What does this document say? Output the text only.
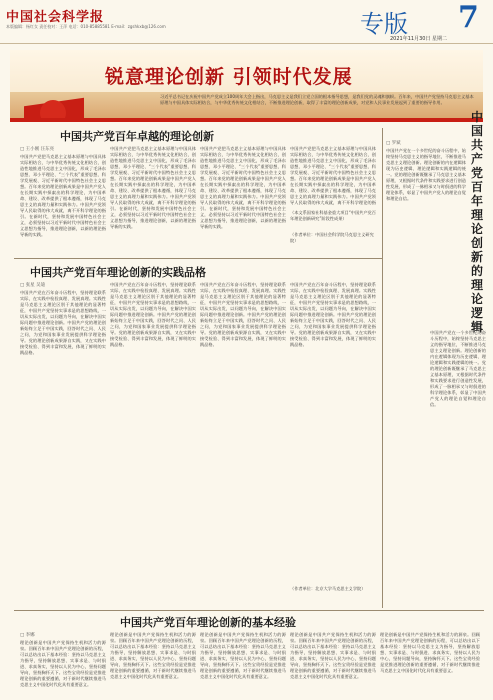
中国社会科学报
本版编辑：杨红女 责任校对：王萍 电话：010-85885581 E-mail：zgshkxb@126.com	专版 7
2021年11月30日 星期二
锐意理论创新 引领时代发展
习近平总书记在庆祝中国共产党成立100周年大会上指出，马克思主义是我们立党立国的根本指导思想，是我们党的灵魂和旗帜。百年来，中国共产党坚持马克思主义基本原理与中国具体实际相结合，与中华优秀传统文化相结合，不断推进理论创新，取得了丰富的理论创新成果，对党和人民事业发展起到了重要的指导作用。
中国共产党百年卓越的理论创新
□ 王小刚 汪东亮
中国共产党把马克思主义基本原理与中国具体实际相结合，与中华优秀传统文化相结合，创造性地推进马克思主义中国化，形成了毛泽东思想、邓小平理论、“三个代表”重要思想、科学发展观、习近平新时代中国特色社会主义思想。百年来党的理论创新成果是中国共产党人在长期实践中探索出的科学理论，为中国革命、建设、改革提供了根本遵循，体现了马克思主义的真理力量和实践伟力。中国共产党领导人民取得的伟大成就，离不开科学理论的指引。在新时代，坚持和发展中国特色社会主义，必须坚持以习近平新时代中国特色社会主义思想为指导，推进理论创新，以新的理论指导新的实践。
中国共产党把马克思主义基本原理与中国具体实际相结合，与中华优秀传统文化相结合，创造性地推进马克思主义中国化，形成了毛泽东思想、邓小平理论、“三个代表”重要思想、科学发展观、习近平新时代中国特色社会主义思想。百年来党的理论创新成果是中国共产党人在长期实践中探索出的科学理论，为中国革命、建设、改革提供了根本遵循，体现了马克思主义的真理力量和实践伟力。中国共产党领导人民取得的伟大成就，离不开科学理论的指引。在新时代，坚持和发展中国特色社会主义，必须坚持以习近平新时代中国特色社会主义思想为指导，推进理论创新，以新的理论指导新的实践。
中国共产党把马克思主义基本原理与中国具体实际相结合，与中华优秀传统文化相结合，创造性地推进马克思主义中国化，形成了毛泽东思想、邓小平理论、“三个代表”重要思想、科学发展观、习近平新时代中国特色社会主义思想。百年来党的理论创新成果是中国共产党人在长期实践中探索出的科学理论，为中国革命、建设、改革提供了根本遵循，体现了马克思主义的真理力量和实践伟力。中国共产党领导人民取得的伟大成就，离不开科学理论的指引。在新时代，坚持和发展中国特色社会主义，必须坚持以习近平新时代中国特色社会主义思想为指导，推进理论创新，以新的理论指导新的实践。
中国共产党把马克思主义基本原理与中国具体实际相结合，与中华优秀传统文化相结合，创造性地推进马克思主义中国化，形成了毛泽东思想、邓小平理论、“三个代表”重要思想、科学发展观、习近平新时代中国特色社会主义思想。百年来党的理论创新成果是中国共产党人在长期实践中探索出的科学理论，为中国革命、建设、改革提供了根本遵循，体现了马克思主义的真理力量和实践伟力。中国共产党领导人民取得的伟大成就，离不开科学理论的指
（本文系国家社科基金重大项目“中国共产党百年理论创新研究”阶段性成果）
（作者单位：中国社会科学院马克思主义研究院）
中国共产党百年理论创新的实践品格
□ 张星 吴迪
中国共产党在百年奋斗历程中，坚持理论联系实际，在实践中检验真理、发展真理。实践性是马克思主义理论区别于其他理论的显著特征，中国共产党坚持实事求是的思想路线，一切从实际出发，以问题为导向，在解决中国实际问题中推进理论创新。中国共产党的理论创新始终立足于中国实践，回答时代之问、人民之问，为党和国家事业发展提供科学理论指导。党的理论创新成果源自实践，又在实践中接受检验、得到丰富和发展，体现了鲜明的实践品格。
中国共产党在百年奋斗历程中，坚持理论联系实际，在实践中检验真理、发展真理。实践性是马克思主义理论区别于其他理论的显著特征，中国共产党坚持实事求是的思想路线，一切从实际出发，以问题为导向，在解决中国实际问题中推进理论创新。中国共产党的理论创新始终立足于中国实践，回答时代之问、人民之问，为党和国家事业发展提供科学理论指导。党的理论创新成果源自实践，又在实践中接受检验、得到丰富和发展，体现了鲜明的实践品格。
中国共产党在百年奋斗历程中，坚持理论联系实际，在实践中检验真理、发展真理。实践性是马克思主义理论区别于其他理论的显著特征，中国共产党坚持实事求是的思想路线，一切从实际出发，以问题为导向，在解决中国实际问题中推进理论创新。中国共产党的理论创新始终立足于中国实践，回答时代之问、人民之问，为党和国家事业发展提供科学理论指导。党的理论创新成果源自实践，又在实践中接受检验、得到丰富和发展，体现了鲜明的实践品格。
中国共产党在百年奋斗历程中，坚持理论联系实际，在实践中检验真理、发展真理。实践性是马克思主义理论区别于其他理论的显著特征，中国共产党坚持实事求是的思想路线，一切从实际出发，以问题为导向，在解决中国实际问题中推进理论创新。中国共产党的理论创新始终立足于中国实践，回答时代之问、人民之问，为党和国家事业发展提供科学理论指导。党的理论创新成果源自实践，又在实践中接受检验、得到丰富和发展，体现了鲜明的实践品格。
（作者单位：北京大学马克思主义学院）
□ 罗斌
中国共产党在一个多世纪的奋斗历程中，始终坚持马克思主义的指导地位，不断推进马克思主义理论创新。理论创新的内在逻辑体现为历史逻辑、理论逻辑和实践逻辑的统一。党的理论创新既继承了马克思主义基本原理，又根据时代条件和实践要求进行创造性发展，形成了一脉相承又与时俱进的科学理论体系，彰显了中国共产党人的理论自觉和理论自信。
中国共产党百年理论创新的理论逻辑
中国共产党在一个多世纪的奋斗历程中，始终坚持马克思主义的指导地位，不断推进马克思主义理论创新。理论创新的内在逻辑体现为历史逻辑、理论逻辑和实践逻辑的统一。党的理论创新既继承了马克思主义基本原理，又根据时代条件和实践要求进行创造性发展，形成了一脉相承又与时俱进的科学理论体系，彰显了中国共产党人的理论自觉和理论自信。
中国共产党百年理论创新的基本经验
□ 李娜
理论创新是中国共产党保持生机和活力的源泉。回顾百年来中国共产党理论创新的历程，可以总结出以下基本经验：坚持以马克思主义为指导，坚持解放思想、实事求是、与时俱进、求真务实，坚持以人民为中心，坚持问题导向，坚持胸怀天下。这些宝贵经验是党推进理论创新的重要遵循，对于新时代继续推进马克思主义中国化时代化具有重要意义。
理论创新是中国共产党保持生机和活力的源泉。回顾百年来中国共产党理论创新的历程，可以总结出以下基本经验：坚持以马克思主义为指导，坚持解放思想、实事求是、与时俱进、求真务实，坚持以人民为中心，坚持问题导向，坚持胸怀天下。这些宝贵经验是党推进理论创新的重要遵循，对于新时代继续推进马克思主义中国化时代化具有重要意义。
理论创新是中国共产党保持生机和活力的源泉。回顾百年来中国共产党理论创新的历程，可以总结出以下基本经验：坚持以马克思主义为指导，坚持解放思想、实事求是、与时俱进、求真务实，坚持以人民为中心，坚持问题导向，坚持胸怀天下。这些宝贵经验是党推进理论创新的重要遵循，对于新时代继续推进马克思主义中国化时代化具有重要意义。
理论创新是中国共产党保持生机和活力的源泉。回顾百年来中国共产党理论创新的历程，可以总结出以下基本经验：坚持以马克思主义为指导，坚持解放思想、实事求是、与时俱进、求真务实，坚持以人民为中心，坚持问题导向，坚持胸怀天下。这些宝贵经验是党推进理论创新的重要遵循，对于新时代继续推进马克思主义中国化时代化具有重要意义。
理论创新是中国共产党保持生机和活力的源泉。回顾百年来中国共产党理论创新的历程，可以总结出以下基本经验：坚持以马克思主义为指导，坚持解放思想、实事求是、与时俱进、求真务实，坚持以人民为中心，坚持问题导向，坚持胸怀天下。这些宝贵经验是党推进理论创新的重要遵循，对于新时代继续推进马克思主义中国化时代化具有重要意义。
